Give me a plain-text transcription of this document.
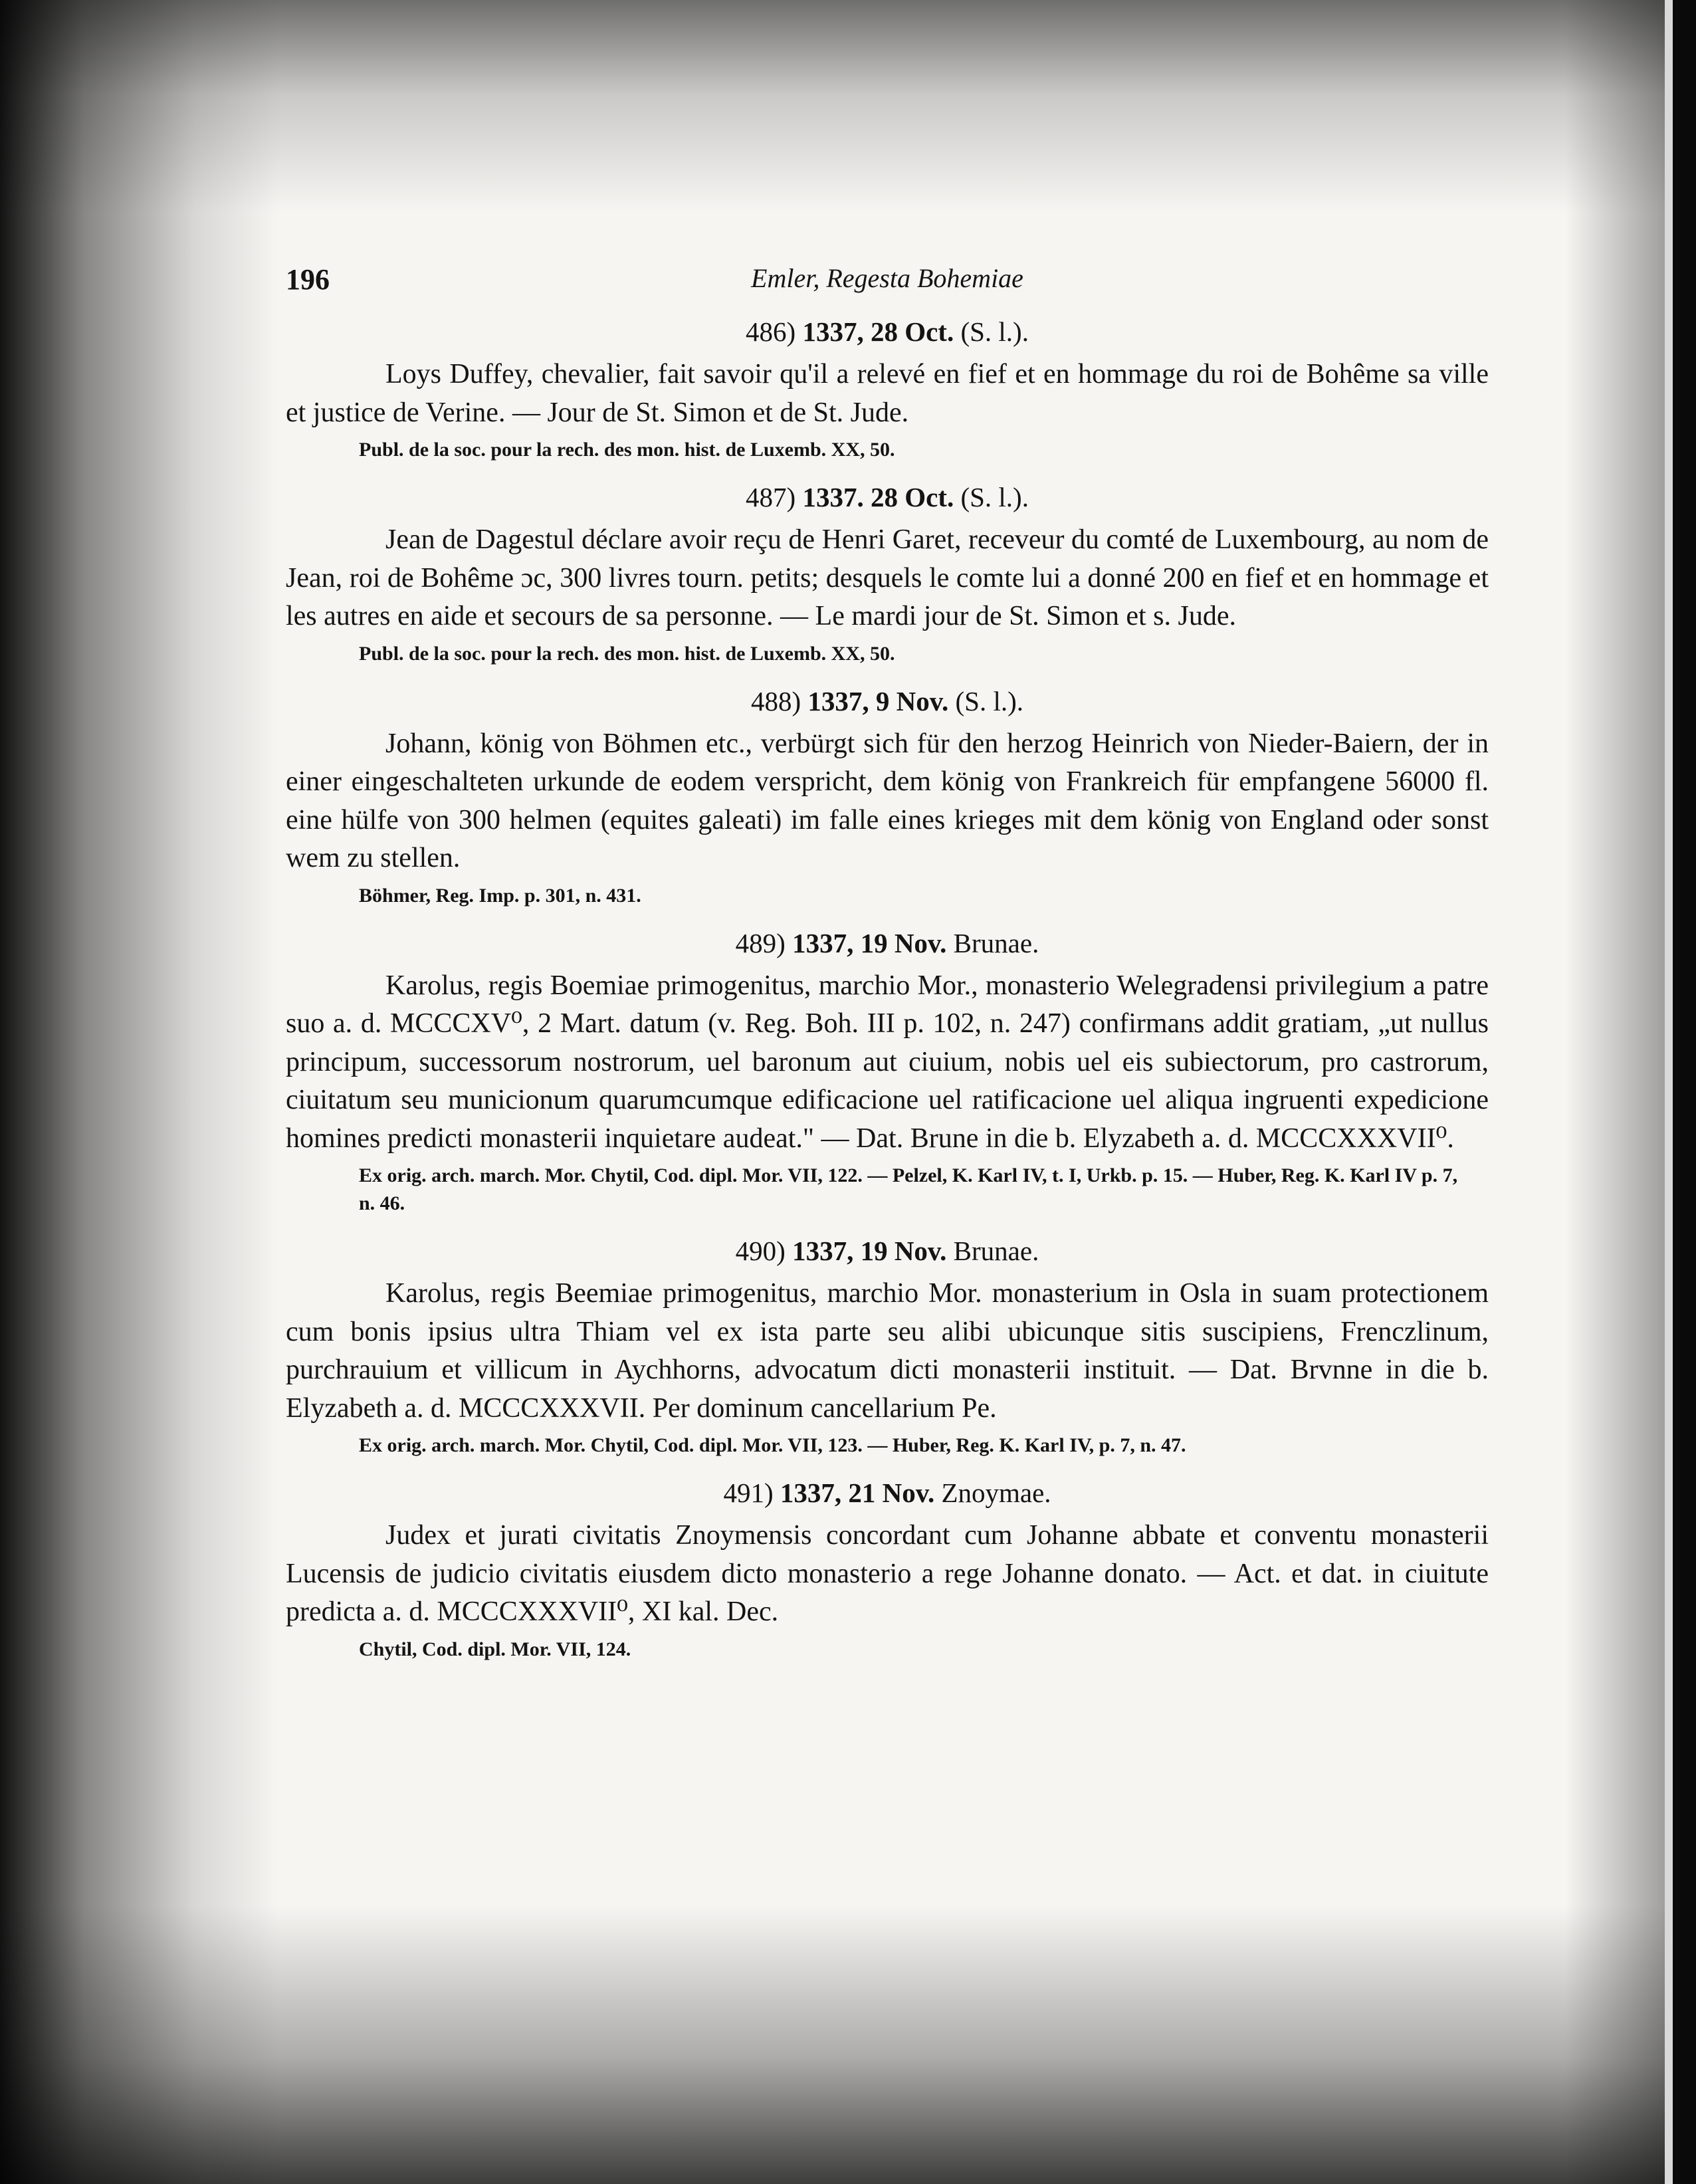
196	Emler, Regesta Bohemiae
486) 1337, 28 Oct. (S. l.).

Loys Duffey, chevalier, fait savoir qu'il a relevé en fief et en hommage du roi de Bohême sa ville et justice de Verine. — Jour de St. Simon et de St. Jude.

Publ. de la soc. pour la rech. des mon. hist. de Luxemb. XX, 50.
487) 1337. 28 Oct. (S. l.).

Jean de Dagestul déclare avoir reçu de Henri Garet, receveur du comté de Luxembourg, au nom de Jean, roi de Bohême ɔc, 300 livres tourn. petits; desquels le comte lui a donné 200 en fief et en hommage et les autres en aide et secours de sa personne. — Le mardi jour de St. Simon et s. Jude.

Publ. de la soc. pour la rech. des mon. hist. de Luxemb. XX, 50.
488) 1337, 9 Nov. (S. l.).

Johann, könig von Böhmen etc., verbürgt sich für den herzog Heinrich von Nieder-Baiern, der in einer eingeschalteten urkunde de eodem verspricht, dem könig von Frankreich für empfangene 56000 fl. eine hülfe von 300 helmen (equites galeati) im falle eines krieges mit dem könig von England oder sonst wem zu stellen.

Böhmer, Reg. Imp. p. 301, n. 431.
489) 1337, 19 Nov. Brunae.

Karolus, regis Boemiae primogenitus, marchio Mor., monasterio Welegradensi privilegium a patre suo a. d. MCCCXV⁰, 2 Mart. datum (v. Reg. Boh. III p. 102, n. 247) confirmans addit gratiam, „ut nullus principum, successorum nostrorum, uel baronum aut ciuium, nobis uel eis subiectorum, pro castrorum, ciuitatum seu municionum quarumcumque edificacione uel ratificacione uel aliqua ingruenti expedicione homines predicti monasterii inquietare audeat." — Dat. Brune in die b. Elyzabeth a. d. MCCCXXXVII⁰.

Ex orig. arch. march. Mor. Chytil, Cod. dipl. Mor. VII, 122. — Pelzel, K. Karl IV, t. I, Urkb. p. 15. — Huber, Reg. K. Karl IV p. 7, n. 46.
490) 1337, 19 Nov. Brunae.

Karolus, regis Beemiae primogenitus, marchio Mor. monasterium in Osla in suam protectionem cum bonis ipsius ultra Thiam vel ex ista parte seu alibi ubicunque sitis suscipiens, Frenczlinum, purchrauium et villicum in Aychhorns, advocatum dicti monasterii instituit. — Dat. Brvnne in die b. Elyzabeth a. d. MCCCXXXVII. Per dominum cancellarium Pe.

Ex orig. arch. march. Mor. Chytil, Cod. dipl. Mor. VII, 123. — Huber, Reg. K. Karl IV, p. 7, n. 47.
491) 1337, 21 Nov. Znoymae.

Judex et jurati civitatis Znoymensis concordant cum Johanne abbate et conventu monasterii Lucensis de judicio civitatis eiusdem dicto monasterio a rege Johanne donato. — Act. et dat. in ciuitute predicta a. d. MCCCXXXVII⁰, XI kal. Dec.

Chytil, Cod. dipl. Mor. VII, 124.
